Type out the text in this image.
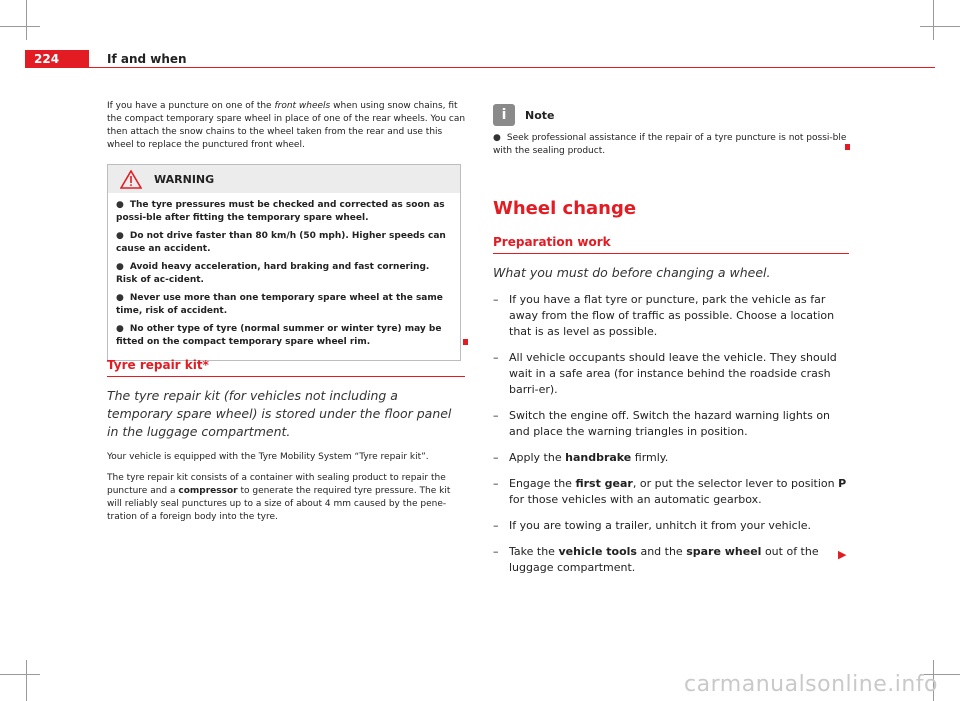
224	If and when

If you have a puncture on one of the front wheels when using snow chains, fit the compact temporary spare wheel in place of one of the rear wheels. You can then attach the snow chains to the wheel taken from the rear and use this wheel to replace the punctured front wheel.

WARNING
● The tyre pressures must be checked and corrected as soon as possi-ble after fitting the temporary spare wheel.
● Do not drive faster than 80 km/h (50 mph). Higher speeds can cause an accident.
● Avoid heavy acceleration, hard braking and fast cornering. Risk of ac-cident.
● Never use more than one temporary spare wheel at the same time, risk of accident.
● No other type of tyre (normal summer or winter tyre) may be fitted on the compact temporary spare wheel rim.
Tyre repair kit*

The tyre repair kit (for vehicles not including a temporary spare wheel) is stored under the floor panel in the luggage compartment.

Your vehicle is equipped with the Tyre Mobility System “Tyre repair kit”.

The tyre repair kit consists of a container with sealing product to repair the puncture and a compressor to generate the required tyre pressure. The kit will reliably seal punctures up to a size of about 4 mm caused by the pene-tration of a foreign body into the tyre.

i	Note

● Seek professional assistance if the repair of a tyre puncture is not possi-ble with the sealing product.

Wheel change
Preparation work

What you must do before changing a wheel.

– If you have a flat tyre or puncture, park the vehicle as far away from the flow of traffic as possible. Choose a location that is as level as possible.
– All vehicle occupants should leave the vehicle. They should wait in a safe area (for instance behind the roadside crash barri-er).
– Switch the engine off. Switch the hazard warning lights on and place the warning triangles in position.
– Apply the handbrake firmly.
– Engage the first gear, or put the selector lever to position P for those vehicles with an automatic gearbox.
– If you are towing a trailer, unhitch it from your vehicle.
– Take the vehicle tools and the spare wheel out of the luggage compartment.
▶
carmanualsonline.info
